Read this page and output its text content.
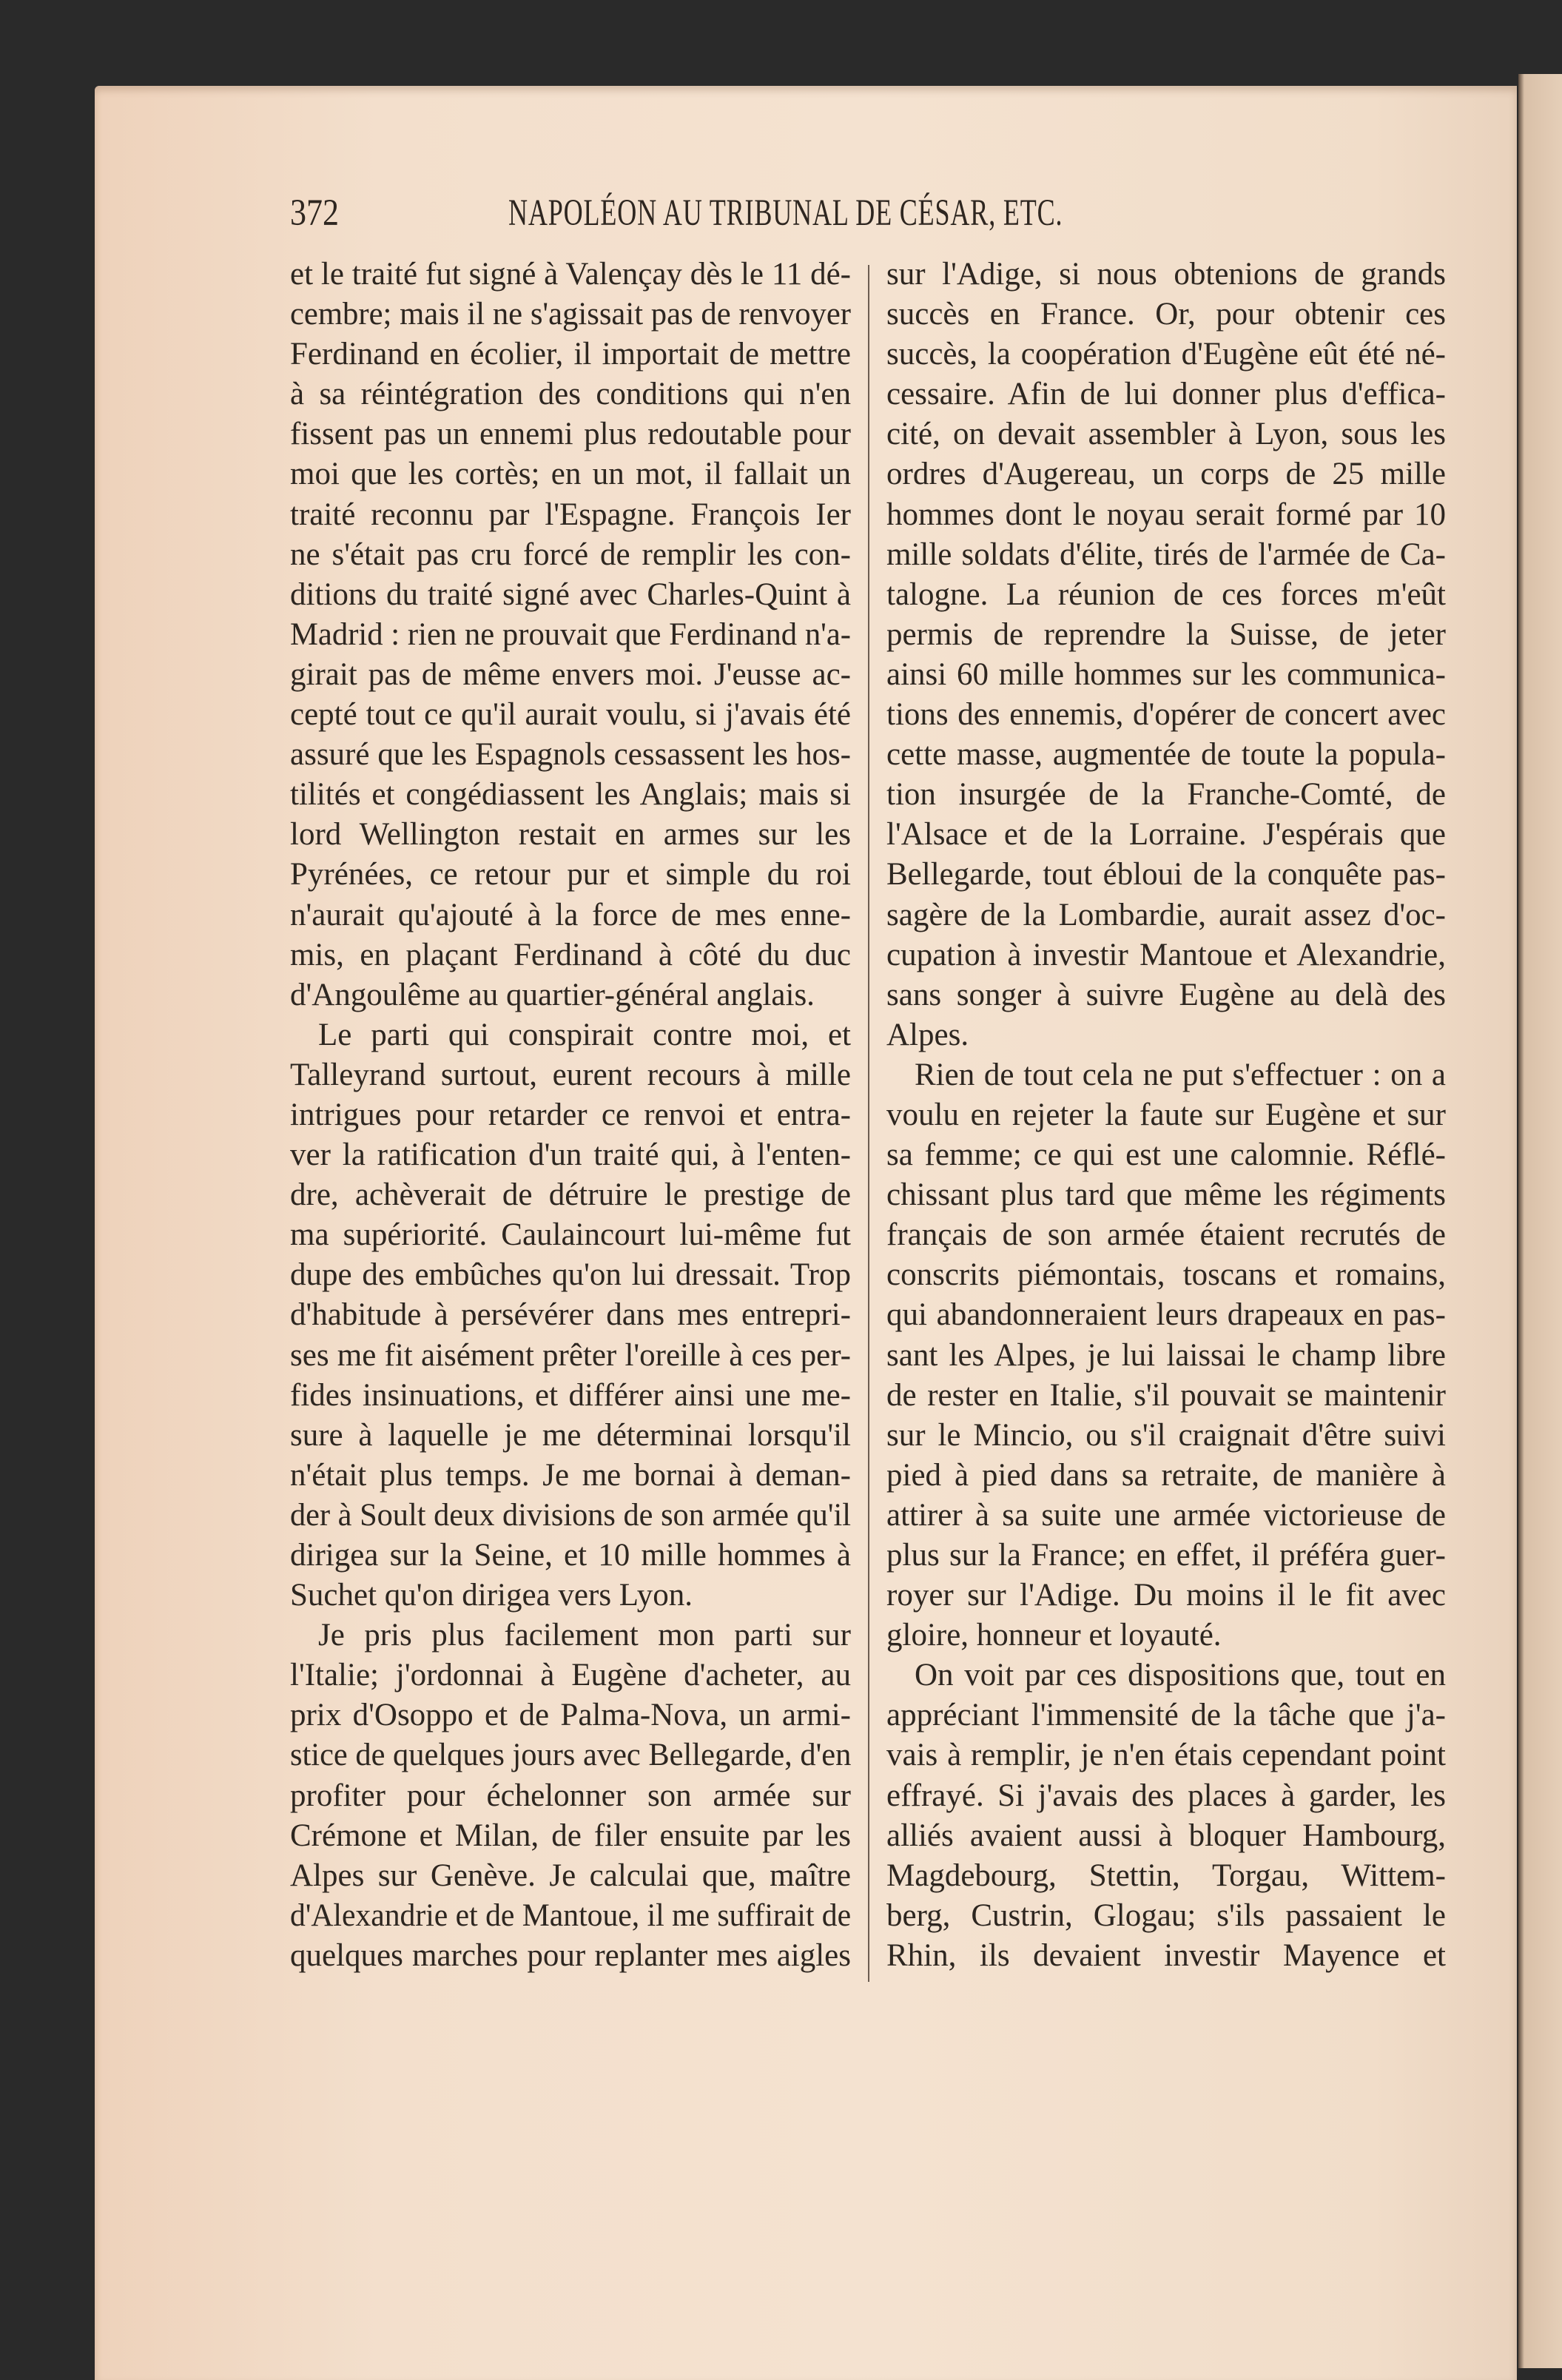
372	NAPOLÉON AU TRIBUNAL DE CÉSAR, ETC.
et le traité fut signé à Valençay dès le 11 dé-
cembre; mais il ne s'agissait pas de renvoyer
Ferdinand en écolier, il importait de mettre
à sa réintégration des conditions qui n'en
fissent pas un ennemi plus redoutable pour
moi que les cortès; en un mot, il fallait un
traité reconnu par l'Espagne. François Ier
ne s'était pas cru forcé de remplir les con-
ditions du traité signé avec Charles-Quint à
Madrid : rien ne prouvait que Ferdinand n'a-
girait pas de même envers moi. J'eusse ac-
cepté tout ce qu'il aurait voulu, si j'avais été
assuré que les Espagnols cessassent les hos-
tilités et congédiassent les Anglais; mais si
lord Wellington restait en armes sur les
Pyrénées, ce retour pur et simple du roi
n'aurait qu'ajouté à la force de mes enne-
mis, en plaçant Ferdinand à côté du duc
d'Angoulême au quartier-général anglais.
Le parti qui conspirait contre moi, et
Talleyrand surtout, eurent recours à mille
intrigues pour retarder ce renvoi et entra-
ver la ratification d'un traité qui, à l'enten-
dre, achèverait de détruire le prestige de
ma supériorité. Caulaincourt lui-même fut
dupe des embûches qu'on lui dressait. Trop
d'habitude à persévérer dans mes entrepri-
ses me fit aisément prêter l'oreille à ces per-
fides insinuations, et différer ainsi une me-
sure à laquelle je me déterminai lorsqu'il
n'était plus temps. Je me bornai à deman-
der à Soult deux divisions de son armée qu'il
dirigea sur la Seine, et 10 mille hommes à
Suchet qu'on dirigea vers Lyon.
Je pris plus facilement mon parti sur
l'Italie; j'ordonnai à Eugène d'acheter, au
prix d'Osoppo et de Palma-Nova, un armi-
stice de quelques jours avec Bellegarde, d'en
profiter pour échelonner son armée sur
Crémone et Milan, de filer ensuite par les
Alpes sur Genève. Je calculai que, maître
d'Alexandrie et de Mantoue, il me suffirait de
quelques marches pour replanter mes aigles
sur l'Adige, si nous obtenions de grands
succès en France. Or, pour obtenir ces
succès, la coopération d'Eugène eût été né-
cessaire. Afin de lui donner plus d'effica-
cité, on devait assembler à Lyon, sous les
ordres d'Augereau, un corps de 25 mille
hommes dont le noyau serait formé par 10
mille soldats d'élite, tirés de l'armée de Ca-
talogne. La réunion de ces forces m'eût
permis de reprendre la Suisse, de jeter
ainsi 60 mille hommes sur les communica-
tions des ennemis, d'opérer de concert avec
cette masse, augmentée de toute la popula-
tion insurgée de la Franche-Comté, de
l'Alsace et de la Lorraine. J'espérais que
Bellegarde, tout ébloui de la conquête pas-
sagère de la Lombardie, aurait assez d'oc-
cupation à investir Mantoue et Alexandrie,
sans songer à suivre Eugène au delà des
Alpes.
Rien de tout cela ne put s'effectuer : on a
voulu en rejeter la faute sur Eugène et sur
sa femme; ce qui est une calomnie. Réflé-
chissant plus tard que même les régiments
français de son armée étaient recrutés de
conscrits piémontais, toscans et romains,
qui abandonneraient leurs drapeaux en pas-
sant les Alpes, je lui laissai le champ libre
de rester en Italie, s'il pouvait se maintenir
sur le Mincio, ou s'il craignait d'être suivi
pied à pied dans sa retraite, de manière à
attirer à sa suite une armée victorieuse de
plus sur la France; en effet, il préféra guer-
royer sur l'Adige. Du moins il le fit avec
gloire, honneur et loyauté.
On voit par ces dispositions que, tout en
appréciant l'immensité de la tâche que j'a-
vais à remplir, je n'en étais cependant point
effrayé. Si j'avais des places à garder, les
alliés avaient aussi à bloquer Hambourg,
Magdebourg, Stettin, Torgau, Wittem-
berg, Custrin, Glogau; s'ils passaient le
Rhin, ils devaient investir Mayence et
